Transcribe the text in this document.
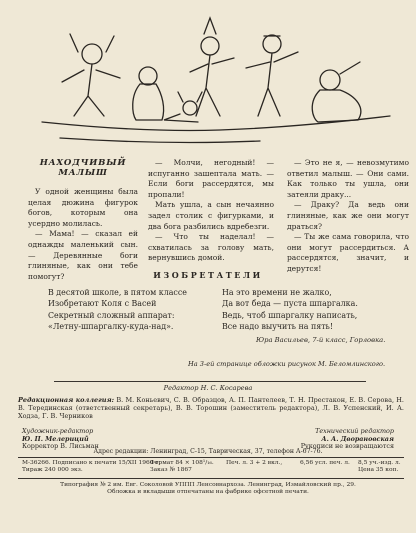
НАХОДЧИВЫЙ
МАЛЫШ

У одной женщины была целая дюжина фигурок богов, которым она усердно молилась.

— Мама! — сказал ей однажды маленький сын. — Деревянные боги глиняные, как они тебе помогут?

— Молчи, негодный! — испуганно зашептала мать. — Если боги рассердятся, мы пропали!

Мать ушла, а сын нечаянно задел столик с фигурками, и два бога разбились вдребезги.

— Что ты наделал! — схватилась за голову мать, вернувшись домой.

— Это не я, — невозмутимо ответил малыш. — Они сами. Как только ты ушла, они затеяли драку...

— Драку? Да ведь они глиняные, как же они могут драться?

— Ты же сама говорила, что они могут рассердиться. А рассердятся, значит, и дерутся!

ИЗОБРЕТАТЕЛИ
В десятой школе, в пятом классе
Изобретают Коля с Васей
Секретный сложный аппарат:
«Летну-шпаргалку-куда-над».
На это времени не жалко,
Да вот беда — пуста шпаргалка.
Ведь, чтоб шпаргалку написать,
Все надо выучить на пять!
Юра Васильев, 7-й класс, Горловка.
На 3-ей странице обложки рисунок М. Беломлинского.
Редактор Н. С. Косарева
Редакционная коллегия: В. М. Коньевич, С. В. Образцов, А. П. Пантелеев, Т. Н. Престакон, Е. В. Серова, Н. В. Терединская (ответственный секретарь), В. В. Торошин (заместитель редактора), Л. В. Успенский, И. А. Ходза, Г. В. Черников
Художник-редактор
Ю. П. Мелериций
Корректор В. Лисьман
Технический редактор
А. А. Дворановская
Рукописи не возвращаются
Адрес редакции: Ленинград, С-15, Таврическая, 37, телефон А-67-76.
М-36266. Подписано к печати 15/ХII 1960 г.
Тираж 240 000 экз.
Формат 84 × 108¹/₁₆.
Заказ № 1867
Печ. л. 3 + 2 вкл.,	6,56 усл. печ. л. 8,5 уч.-изд. л.
Цена 35 коп.
Типография № 2 им. Евг. Соколовой УППП Ленсовнархоза. Ленинград, Измайловский пр., 29.
Обложка и вкладыши отпечатаны на фабрике офсетной печати.
